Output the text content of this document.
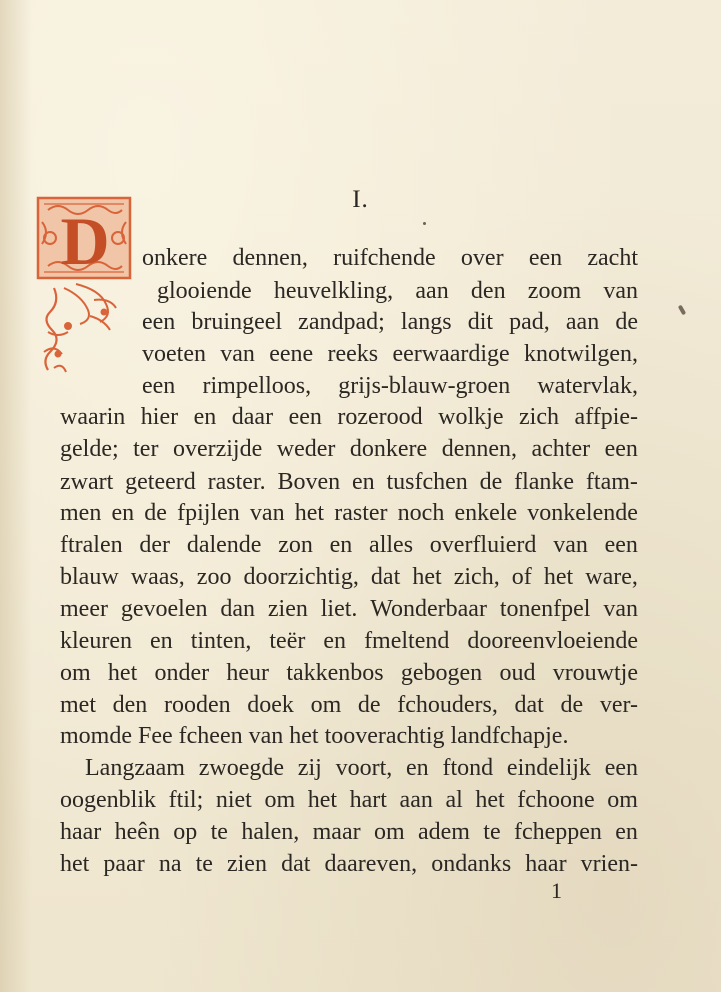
I.
D onkere dennen, ruifchende over een zacht
glooiende heuvelkling, aan den zoom van
een bruingeel zandpad; langs dit pad, aan de
voeten van eene reeks eerwaardige knotwilgen,
een rimpelloos, grijs-blauw-groen watervlak,
waarin hier en daar een rozerood wolkje zich affpie-
gelde; ter overzijde weder donkere dennen, achter een
zwart geteerd raster. Boven en tusfchen de flanke ftam-
men en de fpijlen van het raster noch enkele vonkelende
ftralen der dalende zon en alles overfluierd van een
blauw waas, zoo doorzichtig, dat het zich, of het ware,
meer gevoelen dan zien liet. Wonderbaar tonenfpel van
kleuren en tinten, teër en fmeltend dooreenvloeiende
om het onder heur takkenbos gebogen oud vrouwtje
met den rooden doek om de fchouders, dat de ver-
momde Fee fcheen van het tooverachtig landfchapje.
Langzaam zwoegde zij voort, en ftond eindelijk een
oogenblik ftil; niet om het hart aan al het fchoone om
haar heên op te halen, maar om adem te fcheppen en
het paar na te zien dat daareven, ondanks haar vrien-
1
